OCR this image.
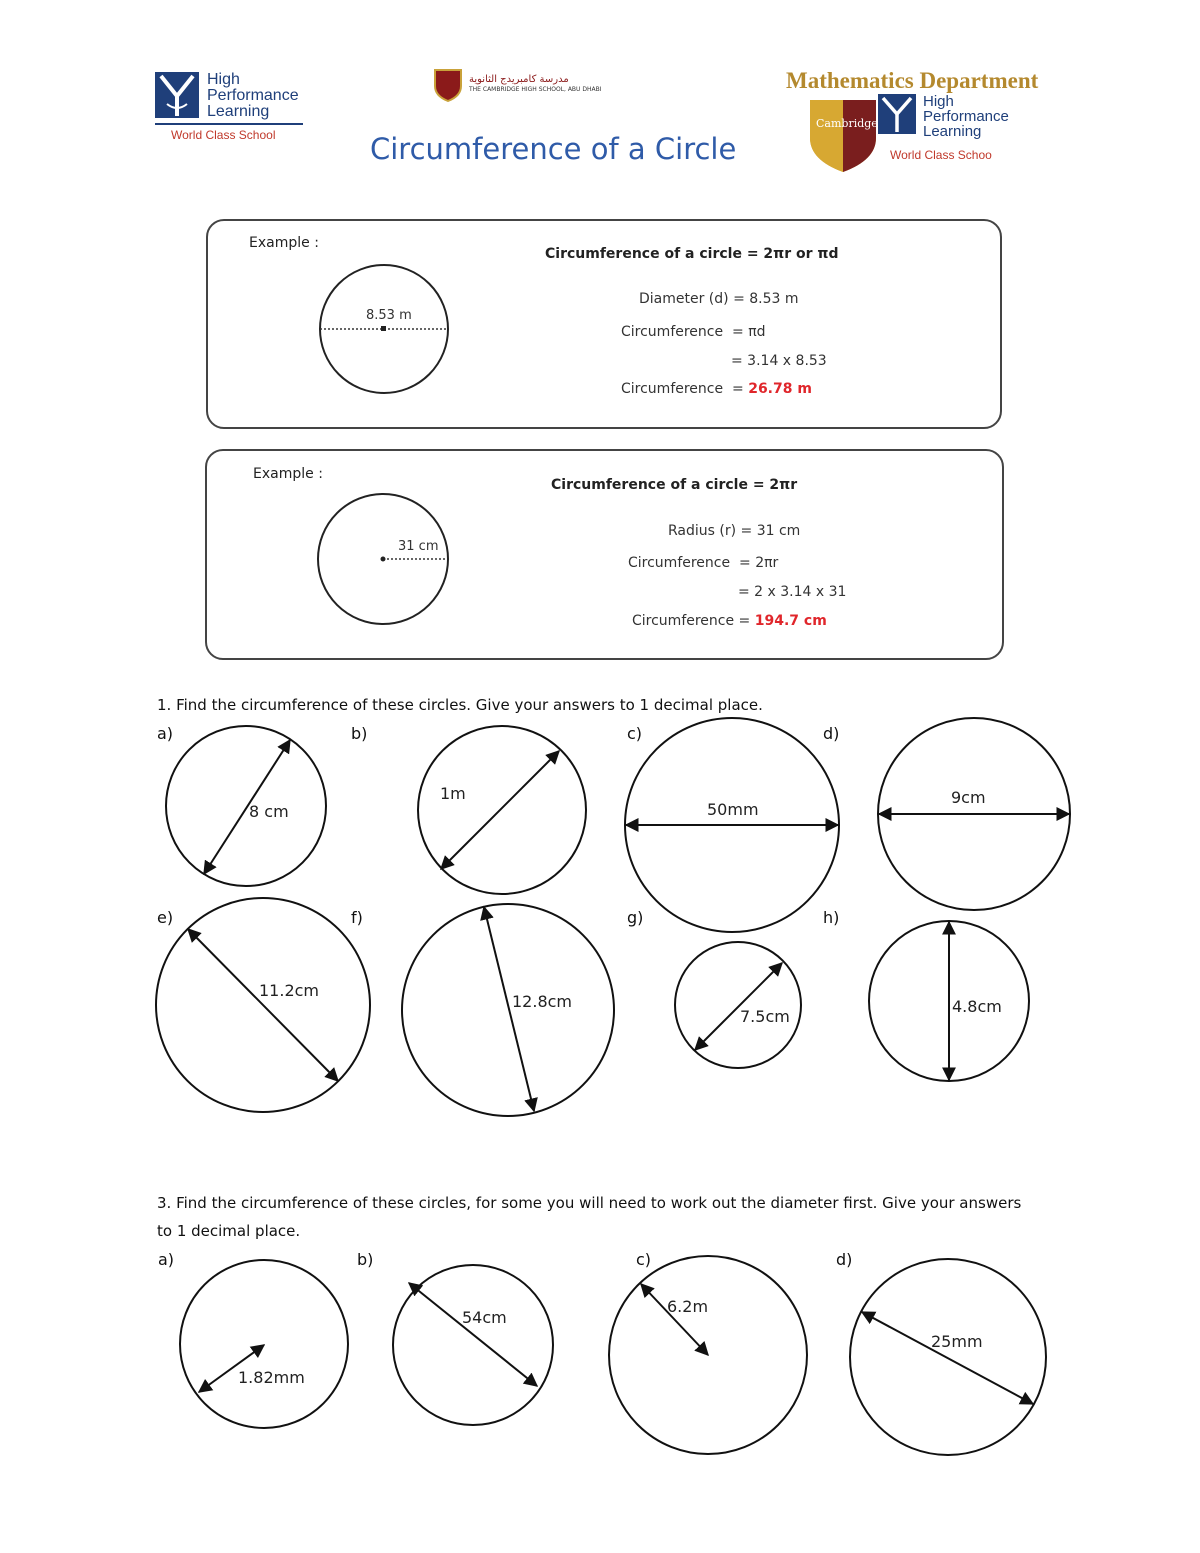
High
Performance
Learning
World Class School
مدرسة كامبريدج الثانوية
THE CAMBRIDGE HIGH SCHOOL, ABU DHABI
Circumference of a Circle
Mathematics Department
Cambridge
High
Performance
Learning
World Class Schoo
Example :
8.53 m
Circumference of a circle = 2πr or πd
Diameter (d) = 8.53 m
Circumference  = πd
= 3.14 x 8.53
Circumference  = 26.78 m
Example :
31 cm
Circumference of a circle = 2πr
Radius (r) = 31 cm
Circumference  = 2πr
= 2 x 3.14 x 31
Circumference = 194.7 cm
1. Find the circumference of these circles. Give your answers to 1 decimal place.
a)	b)	c)	d)
e)	f)	g)	h)
8 cm
1m
50mm
9cm
11.2cm
12.8cm
7.5cm
4.8cm
1.82mm
54cm
6.2m
25mm
3. Find the circumference of these circles, for some you will need to work out the diameter first. Give your answers
to 1 decimal place.
a)	b)	c)	d)
